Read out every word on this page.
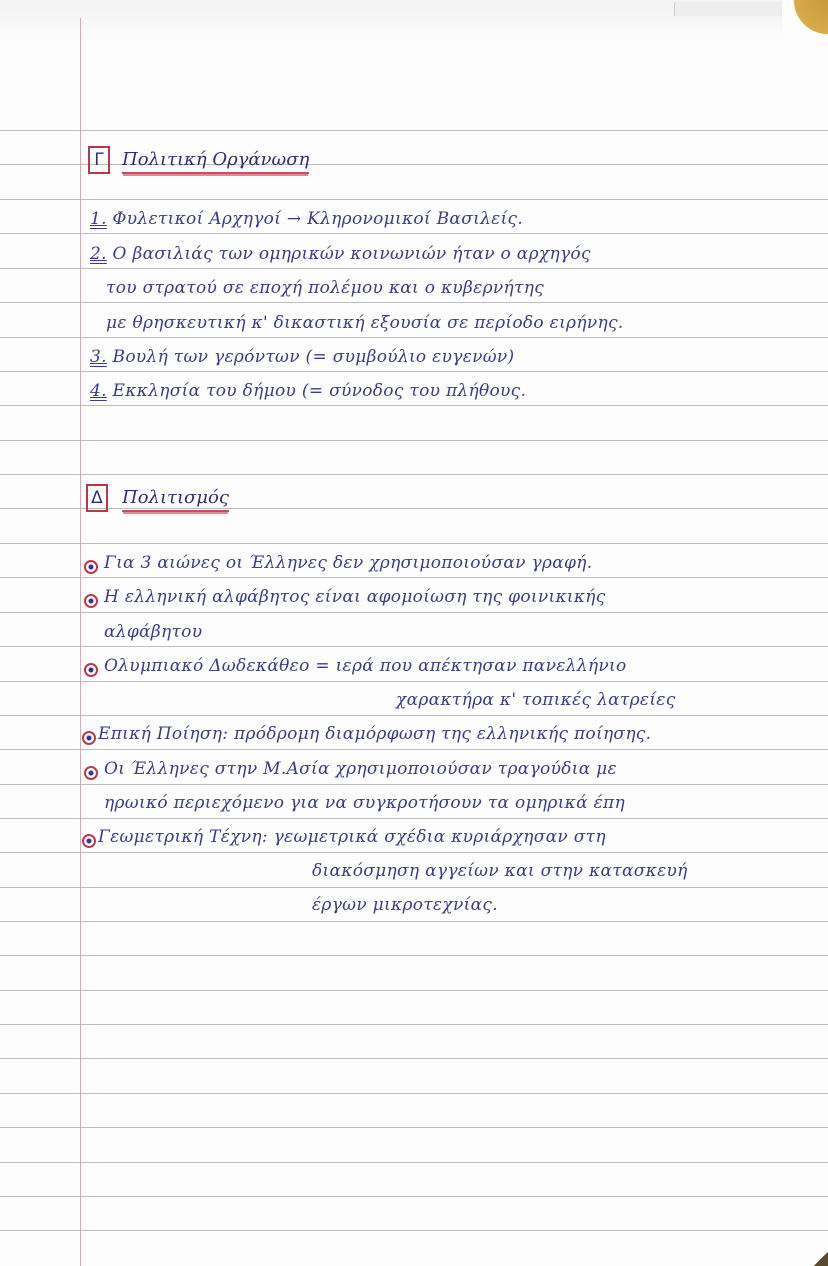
Γ	Πολιτική Οργάνωση
1. Φυλετικοί Αρχηγοί → Κληρονομικοί Βασιλείς.
2. Ο βασιλιάς των ομηρικών κοινωνιών ήταν ο αρχηγός
του στρατού σε εποχή πολέμου και ο κυβερνήτης
με θρησκευτική κ' δικαστική εξουσία σε περίοδο ειρήνης.
3. Βουλή των γερόντων (= συμβούλιο ευγενών)
4. Εκκλησία του δήμου (= σύνοδος του πλήθους.
Δ Πολιτισμός
Για 3 αιώνες οι Έλληνες δεν χρησιμοποιούσαν γραφή.
Η ελληνική αλφάβητος είναι αφομοίωση της φοινικικής
αλφάβητου
Ολυμπιακό Δωδεκάθεο = ιερά που απέκτησαν πανελλήνιο
χαρακτήρα κ' τοπικές λατρείες
Επική Ποίηση: πρόδρομη διαμόρφωση της ελληνικής ποίησης.
Οι Έλληνες στην Μ.Ασία χρησιμοποιούσαν τραγούδια με
ηρωικό περιεχόμενο για να συγκροτήσουν τα ομηρικά έπη
Γεωμετρική Τέχνη: γεωμετρικά σχέδια κυριάρχησαν στη
διακόσμηση αγγείων και στην κατασκευή
έργων μικροτεχνίας.
